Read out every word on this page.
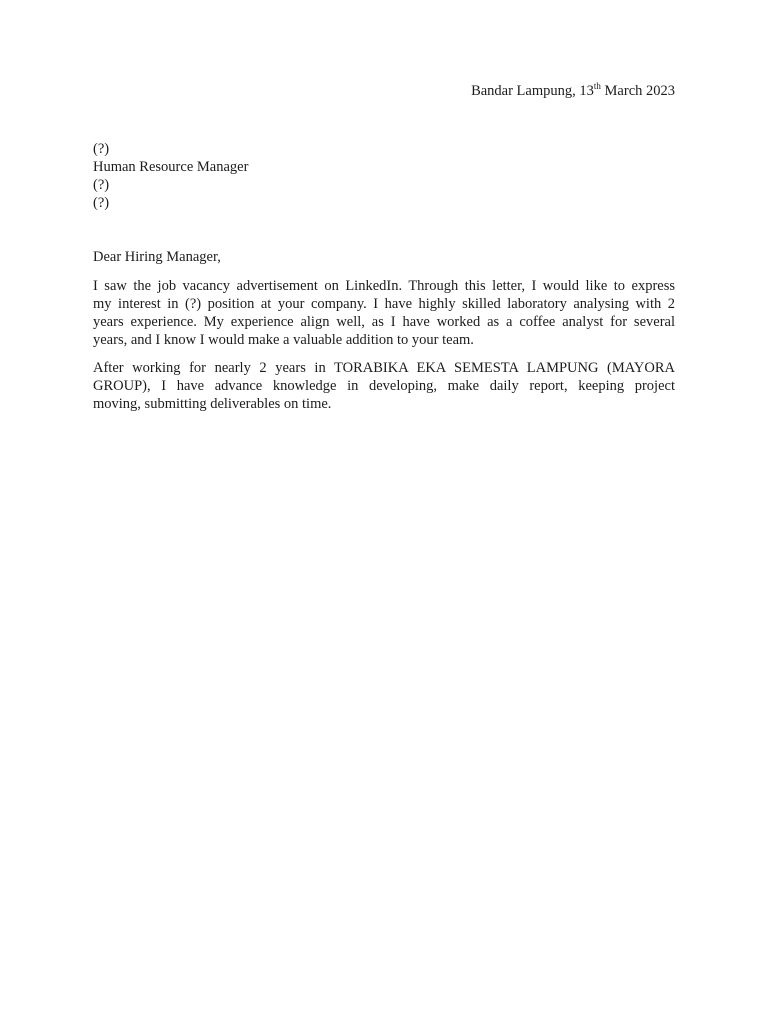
Bandar Lampung, 13th March 2023
(?)
Human Resource Manager
(?)
(?)
Dear Hiring Manager,
I saw the job vacancy advertisement on LinkedIn. Through this letter, I would like to express
my interest in (?) position at your company. I have highly skilled laboratory analysing with 2
years experience. My experience align well, as I have worked as a coffee analyst for several
years, and I know I would make a valuable addition to your team.
After working for nearly 2 years in TORABIKA EKA SEMESTA LAMPUNG (MAYORA
GROUP), I have advance knowledge in developing, make daily report, keeping project
moving, submitting deliverables on time.
